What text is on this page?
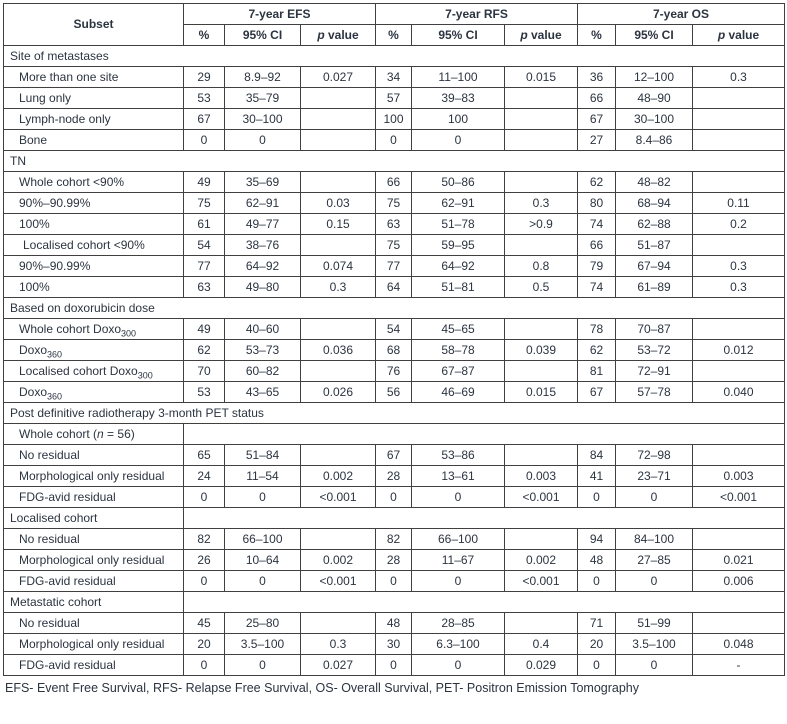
Subset	7-year EFS			7-year RFS			7-year OS		
	%	95% CI	p value	%	95% CI	p value	%	95% CI	p value
Site of metastases									
More than one site	29	8.9–92	0.027	34	11–100	0.015	36	12–100	0.3
Lung only	53	35–79		57	39–83		66	48–90	
Lymph-node only	67	30–100		100	100		67	30–100	
Bone	0	0		0	0		27	8.4–86	
TN									
Whole cohort <90%	49	35–69		66	50–86		62	48–82	
90%–90.99%	75	62–91	0.03	75	62–91	0.3	80	68–94	0.11
100%	61	49–77	0.15	63	51–78	>0.9	74	62–88	0.2
Localised cohort <90%	54	38–76		75	59–95		66	51–87	
90%–90.99%	77	64–92	0.074	77	64–92	0.8	79	67–94	0.3
100%	63	49–80	0.3	64	51–81	0.5	74	61–89	0.3
Based on doxorubicin dose									
Whole cohort Doxo$_{300}$	49	40–60		54	45–65		78	70–87	
Doxo$_{360}$	62	53–73	0.036	68	58–78	0.039	62	53–72	0.012
Localised cohort Doxo$_{300}$	70	60–82		76	67–87		81	72–91	
Doxo$_{360}$	53	43–65	0.026	56	46–69	0.015	67	57–78	0.040
Post definitive radiotherapy 3-month PET status									
Whole cohort (n = 56)									
No residual	65	51–84		67	53–86		84	72–98	
Morphological only residual	24	11–54	0.002	28	13–61	0.003	41	23–71	0.003
FDG-avid residual	0	0	<0.001	0	0	<0.001	0	0	<0.001
Localised cohort									
No residual	82	66–100		82	66–100		94	84–100	
Morphological only residual	26	10–64	0.002	28	11–67	0.002	48	27–85	0.021
FDG-avid residual	0	0	<0.001	0	0	<0.001	0	0	0.006
Metastatic cohort									
No residual	45	25–80		48	28–85		71	51–99	
Morphological only residual	20	3.5–100	0.3	30	6.3–100	0.4	20	3.5–100	0.048
FDG-avid residual	0	0	0.027	0	0	0.029	0	0	-
EFS- Event Free Survival, RFS- Relapse Free Survival, OS- Overall Survival, PET- Positron Emission Tomography
